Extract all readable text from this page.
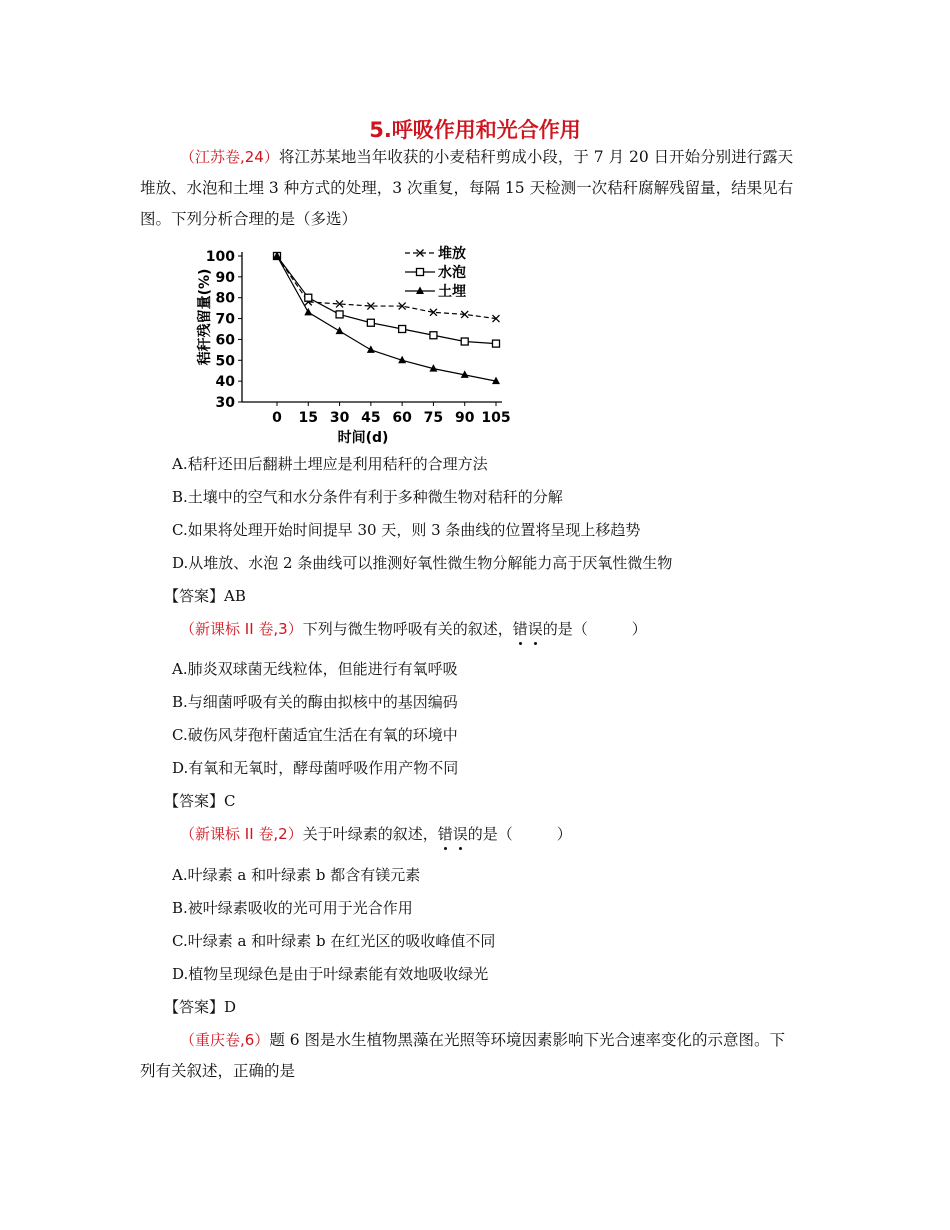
5.呼吸作用和光合作用
（江苏卷,24）将江苏某地当年收获的小麦秸秆剪成小段，于 7 月 20 日开始分别进行露天
堆放、水泡和土埋 3 种方式的处理，3 次重复，每隔 15 天检测一次秸秆腐解残留量，结果见右
图。下列分析合理的是（多选）
100
90
80
70
60
50
40
30
0 15 30 45 60 75 90 105
堆放
水泡
土埋
秸秆残留量(%)
时间(d)
A.秸秆还田后翻耕土埋应是利用秸秆的合理方法
B.土壤中的空气和水分条件有利于多种微生物对秸秆的分解
C.如果将处理开始时间提早 30 天，则 3 条曲线的位置将呈现上移趋势
D.从堆放、水泡 2 条曲线可以推测好氧性微生物分解能力高于厌氧性微生物
【答案】AB
（新课标 II 卷,3）下列与微生物呼吸有关的叙述，错误的是（	）
A.肺炎双球菌无线粒体，但能进行有氧呼吸
B.与细菌呼吸有关的酶由拟核中的基因编码
C.破伤风芽孢杆菌适宜生活在有氧的环境中
D.有氧和无氧时，酵母菌呼吸作用产物不同
【答案】C
（新课标 II 卷,2）关于叶绿素的叙述，错误的是（	）
A.叶绿素 a 和叶绿素 b 都含有镁元素
B.被叶绿素吸收的光可用于光合作用
C.叶绿素 a 和叶绿素 b 在红光区的吸收峰值不同
D.植物呈现绿色是由于叶绿素能有效地吸收绿光
【答案】D
（重庆卷,6）题 6 图是水生植物黑藻在光照等环境因素影响下光合速率变化的示意图。下
列有关叙述，正确的是
